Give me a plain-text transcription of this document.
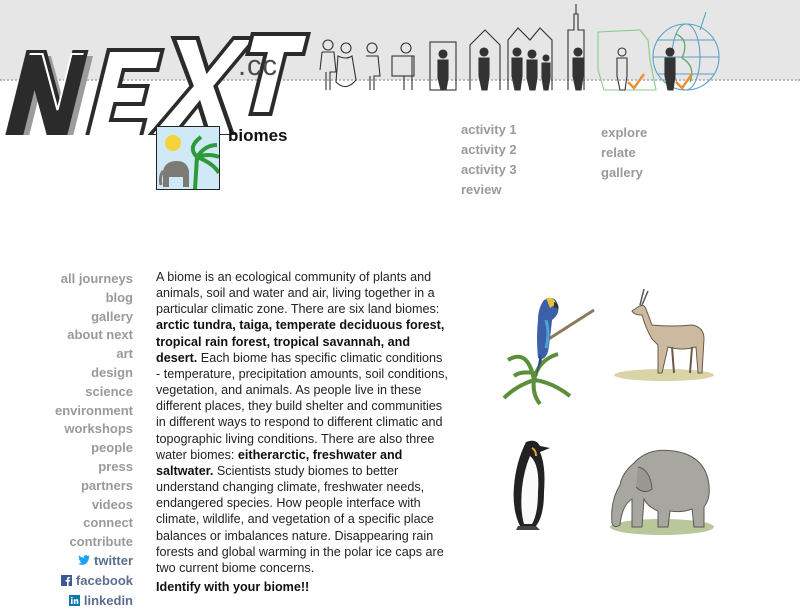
.cc
biomes	activity 1
activity 2
activity 3
review
explore
relate
gallery
all journeys
blog
gallery
about next
art
design
science
environment
workshops
people
press
partners
videos
connect
contribute
twitter
facebook
linkedin

A biome is an ecological community of plants and animals, soil and water and air, living together in a particular climatic zone. There are six land biomes: arctic tundra, taiga, temperate deciduous forest, tropical rain forest, tropical savannah, and desert. Each biome has specific climatic conditions - temperature, precipitation amounts, soil conditions, vegetation, and animals. As people live in these different places, they build shelter and communities in different ways to respond to different climatic and topographic living conditions. There are also three water biomes: eitherarctic, freshwater and saltwater. Scientists study biomes to better understand changing climate, freshwater needs, endangered species. How people interface with climate, wildlife, and vegetation of a specific place balances or imbalances nature. Disappearing rain forests and global warming in the polar ice caps are two current biome concerns.

Identify with your biome!!
